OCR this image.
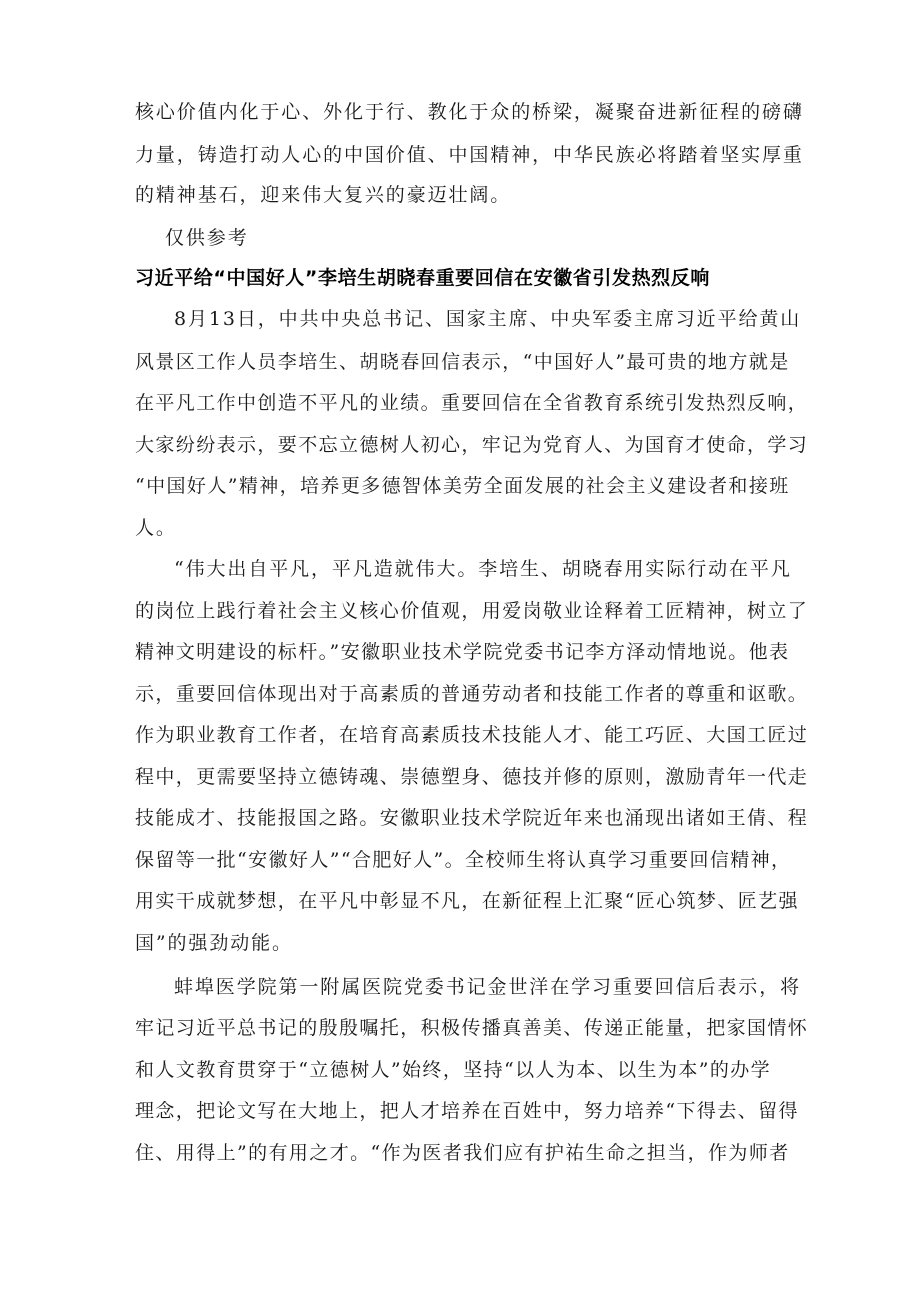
核心价值内化于心、外化于行、教化于众的桥梁，凝聚奋进新征程的磅礴

力量，铸造打动人心的中国价值、中国精神，中华民族必将踏着坚实厚重

的精神基石，迎来伟大复兴的豪迈壮阔。

仅供参考

习近平给“中国好人”李培生胡晓春重要回信在安徽省引发热烈反响

8月13日，中共中央总书记、国家主席、中央军委主席习近平给黄山

风景区工作人员李培生、胡晓春回信表示，“中国好人”最可贵的地方就是

在平凡工作中创造不平凡的业绩。重要回信在全省教育系统引发热烈反响，

大家纷纷表示，要不忘立德树人初心，牢记为党育人、为国育才使命，学习

“中国好人”精神，培养更多德智体美劳全面发展的社会主义建设者和接班

人。

“伟大出自平凡，平凡造就伟大。李培生、胡晓春用实际行动在平凡

的岗位上践行着社会主义核心价值观，用爱岗敬业诠释着工匠精神，树立了

精神文明建设的标杆。”安徽职业技术学院党委书记李方泽动情地说。他表

示，重要回信体现出对于高素质的普通劳动者和技能工作者的尊重和讴歌。

作为职业教育工作者，在培育高素质技术技能人才、能工巧匠、大国工匠过

程中，更需要坚持立德铸魂、崇德塑身、德技并修的原则，激励青年一代走

技能成才、技能报国之路。安徽职业技术学院近年来也涌现出诸如王倩、程

保留等一批“安徽好人”“合肥好人”。全校师生将认真学习重要回信精神，

用实干成就梦想，在平凡中彰显不凡，在新征程上汇聚“匠心筑梦、匠艺强

国”的强劲动能。

蚌埠医学院第一附属医院党委书记金世洋在学习重要回信后表示，将

牢记习近平总书记的殷殷嘱托，积极传播真善美、传递正能量，把家国情怀

和人文教育贯穿于“立德树人”始终，坚持“以人为本、以生为本”的办学

理念，把论文写在大地上，把人才培养在百姓中，努力培养“下得去、留得

住、用得上”的有用之才。“作为医者我们应有护祐生命之担当，作为师者
